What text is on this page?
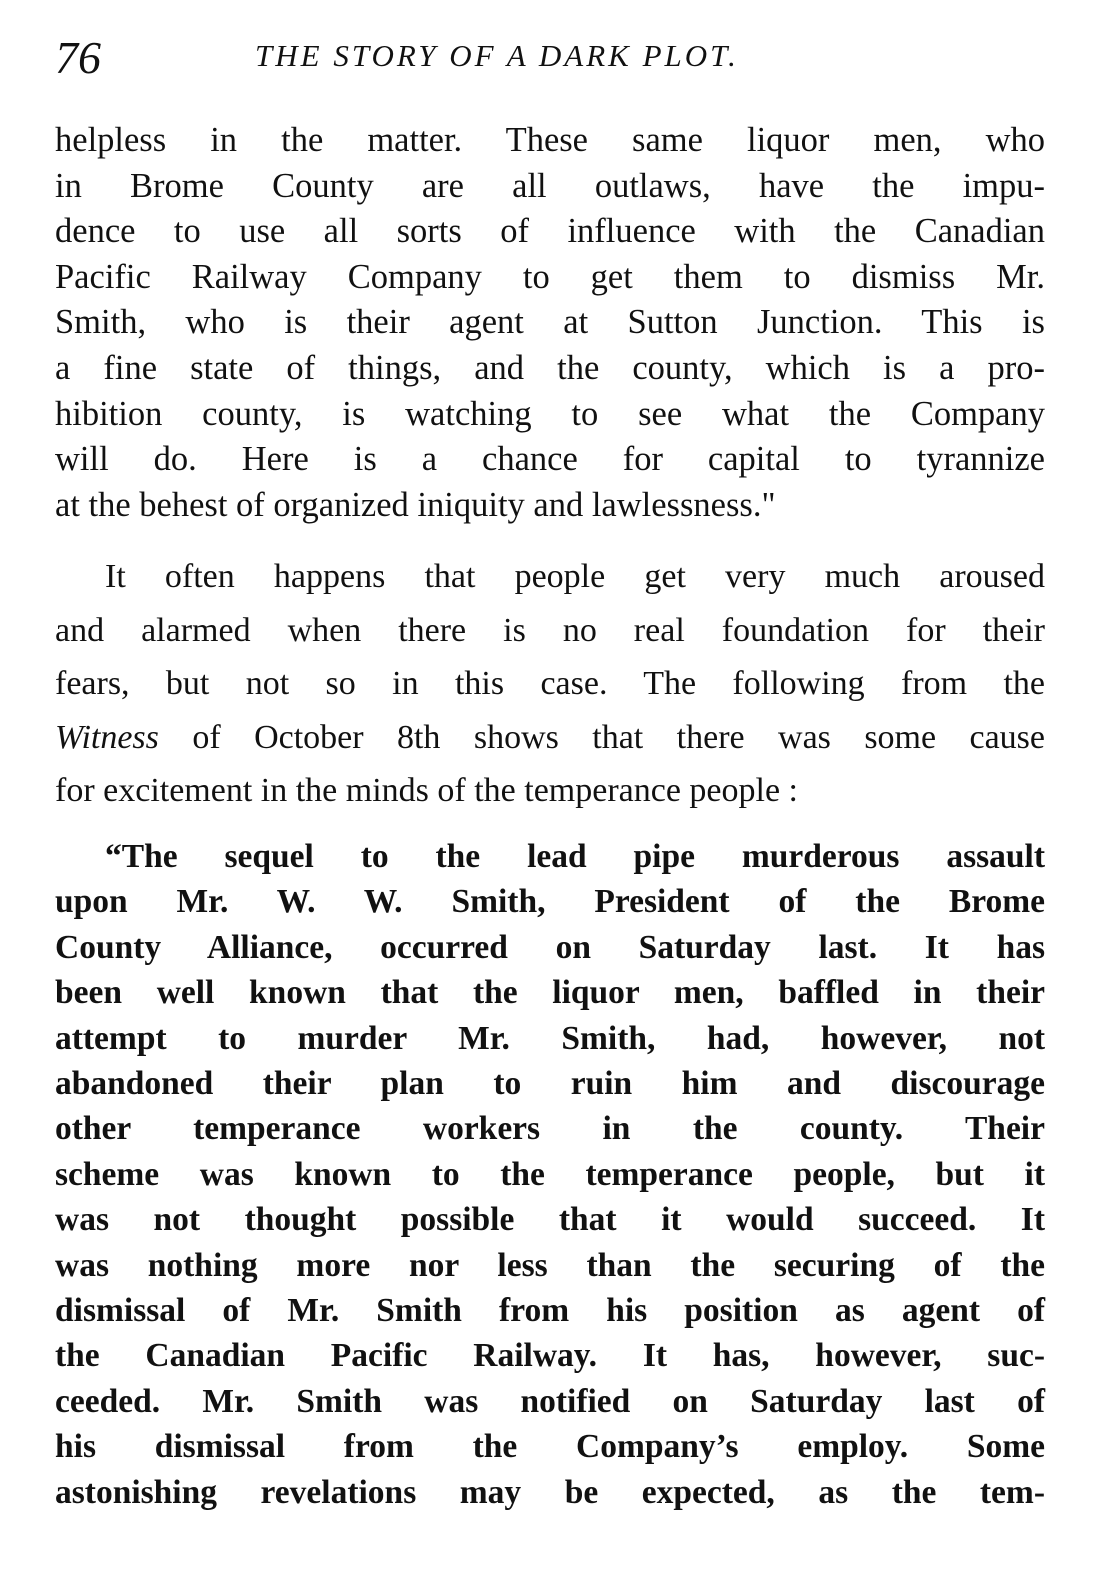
76	THE STORY OF A DARK PLOT.
helpless in the matter. These same liquor men, who
in Brome County are all outlaws, have the impu-
dence to use all sorts of influence with the Canadian
Pacific Railway Company to get them to dismiss Mr.
Smith, who is their agent at Sutton Junction. This is
a fine state of things, and the county, which is a pro-
hibition county, is watching to see what the Company
will do. Here is a chance for capital to tyrannize
at the behest of organized iniquity and lawlessness."
It often happens that people get very much aroused
and alarmed when there is no real foundation for their
fears, but not so in this case. The following from the
Witness of October 8th shows that there was some cause
for excitement in the minds of the temperance people :
“The sequel to the lead pipe murderous assault
upon Mr. W. W. Smith, President of the Brome
County Alliance, occurred on Saturday last. It has
been well known that the liquor men, baffled in their
attempt to murder Mr. Smith, had, however, not
abandoned their plan to ruin him and discourage
other temperance workers in the county. Their
scheme was known to the temperance people, but it
was not thought possible that it would succeed. It
was nothing more nor less than the securing of the
dismissal of Mr. Smith from his position as agent of
the Canadian Pacific Railway. It has, however, suc-
ceeded. Mr. Smith was notified on Saturday last of
his dismissal from the Company’s employ. Some
astonishing revelations may be expected, as the tem-
